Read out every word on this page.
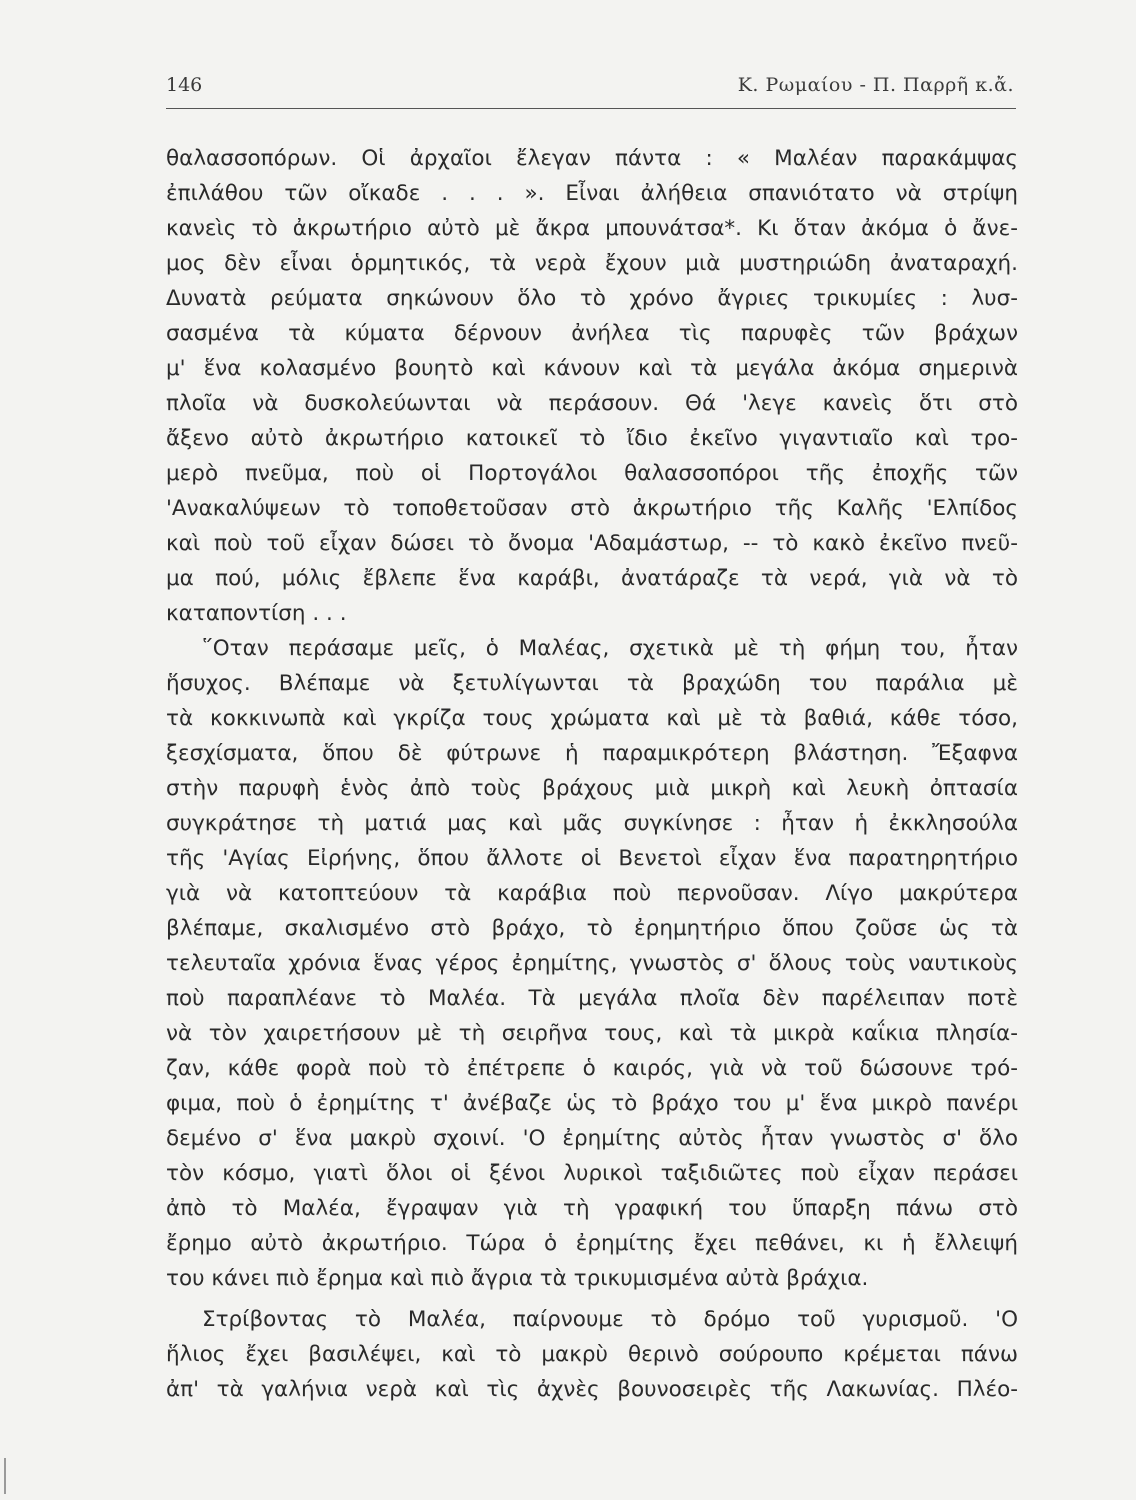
146	Κ. Ρωμαίου - Π. Παρρῆ κ.ἄ.
θαλασσοπόρων. Οἱ ἀρχαῖοι ἔλεγαν πάντα : « Μαλέαν παρακάμψας
ἐπιλάθου τῶν οἴκαδε . . . ». Εἶναι ἀλήθεια σπανιότατο νὰ στρίψη
κανεὶς τὸ ἀκρωτήριο αὐτὸ μὲ ἄκρα μπουνάτσα*. Κι ὅταν ἀκόμα ὁ ἄνε-
μος δὲν εἶναι ὁρμητικός, τὰ νερὰ ἔχουν μιὰ μυστηριώδη ἀναταραχή.
Δυνατὰ ρεύματα σηκώνουν ὅλο τὸ χρόνο ἄγριες τρικυμίες : λυσ-
σασμένα τὰ κύματα δέρνουν ἀνήλεα τὶς παρυφὲς τῶν βράχων
μ' ἕνα κολασμένο βουητὸ καὶ κάνουν καὶ τὰ μεγάλα ἀκόμα σημερινὰ
πλοῖα νὰ δυσκολεύωνται νὰ περάσουν. Θά 'λεγε κανεὶς ὅτι στὸ
ἄξενο αὐτὸ ἀκρωτήριο κατοικεῖ τὸ ἴδιο ἐκεῖνο γιγαντιαῖο καὶ τρο-
μερὸ πνεῦμα, ποὺ οἱ Πορτογάλοι θαλασσοπόροι τῆς ἐποχῆς τῶν
'Ανακαλύψεων τὸ τοποθετοῦσαν στὸ ἀκρωτήριο τῆς Καλῆς 'Ελπίδος
καὶ ποὺ τοῦ εἶχαν δώσει τὸ ὄνομα 'Αδαμάστωρ, -- τὸ κακὸ ἐκεῖνο πνεῦ-
μα πού, μόλις ἔβλεπε ἕνα καράβι, ἀνατάραζε τὰ νερά, γιὰ νὰ τὸ
καταποντίση . . .
῞Οταν περάσαμε μεῖς, ὁ Μαλέας, σχετικὰ μὲ τὴ φήμη του, ἦταν
ἥσυχος. Βλέπαμε νὰ ξετυλίγωνται τὰ βραχώδη του παράλια μὲ
τὰ κοκκινωπὰ καὶ γκρίζα τους χρώματα καὶ μὲ τὰ βαθιά, κάθε τόσο,
ξεσχίσματα, ὅπου δὲ φύτρωνε ἡ παραμικρότερη βλάστηση. Ἔξαφνα
στὴν παρυφὴ ἑνὸς ἀπὸ τοὺς βράχους μιὰ μικρὴ καὶ λευκὴ ὀπτασία
συγκράτησε τὴ ματιά μας καὶ μᾶς συγκίνησε : ἦταν ἡ ἐκκλησούλα
τῆς 'Αγίας Εἰρήνης, ὅπου ἄλλοτε οἱ Βενετοὶ εἶχαν ἕνα παρατηρητήριο
γιὰ νὰ κατοπτεύουν τὰ καράβια ποὺ περνοῦσαν. Λίγο μακρύτερα
βλέπαμε, σκαλισμένο στὸ βράχο, τὸ ἐρημητήριο ὅπου ζοῦσε ὡς τὰ
τελευταῖα χρόνια ἕνας γέρος ἐρημίτης, γνωστὸς σ' ὅλους τοὺς ναυτικοὺς
ποὺ παραπλέανε τὸ Μαλέα. Τὰ μεγάλα πλοῖα δὲν παρέλειπαν ποτὲ
νὰ τὸν χαιρετήσουν μὲ τὴ σειρῆνα τους, καὶ τὰ μικρὰ καΐκια πλησία-
ζαν, κάθε φορὰ ποὺ τὸ ἐπέτρεπε ὁ καιρός, γιὰ νὰ τοῦ δώσουνε τρό-
φιμα, ποὺ ὁ ἐρημίτης τ' ἀνέβαζε ὡς τὸ βράχο του μ' ἕνα μικρὸ πανέρι
δεμένο σ' ἕνα μακρὺ σχοινί. 'Ο ἐρημίτης αὐτὸς ἦταν γνωστὸς σ' ὅλο
τὸν κόσμο, γιατὶ ὅλοι οἱ ξένοι λυρικοὶ ταξιδιῶτες ποὺ εἶχαν περάσει
ἀπὸ τὸ Μαλέα, ἔγραψαν γιὰ τὴ γραφική του ὕπαρξη πάνω στὸ
ἔρημο αὐτὸ ἀκρωτήριο. Τώρα ὁ ἐρημίτης ἔχει πεθάνει, κι ἡ ἔλλειψή
του κάνει πιὸ ἔρημα καὶ πιὸ ἄγρια τὰ τρικυμισμένα αὐτὰ βράχια.
Στρίβοντας τὸ Μαλέα, παίρνουμε τὸ δρόμο τοῦ γυρισμοῦ. 'Ο
ἥλιος ἔχει βασιλέψει, καὶ τὸ μακρὺ θερινὸ σούρουπο κρέμεται πάνω
ἀπ' τὰ γαλήνια νερὰ καὶ τὶς ἀχνὲς βουνοσειρὲς τῆς Λακωνίας. Πλέο-
